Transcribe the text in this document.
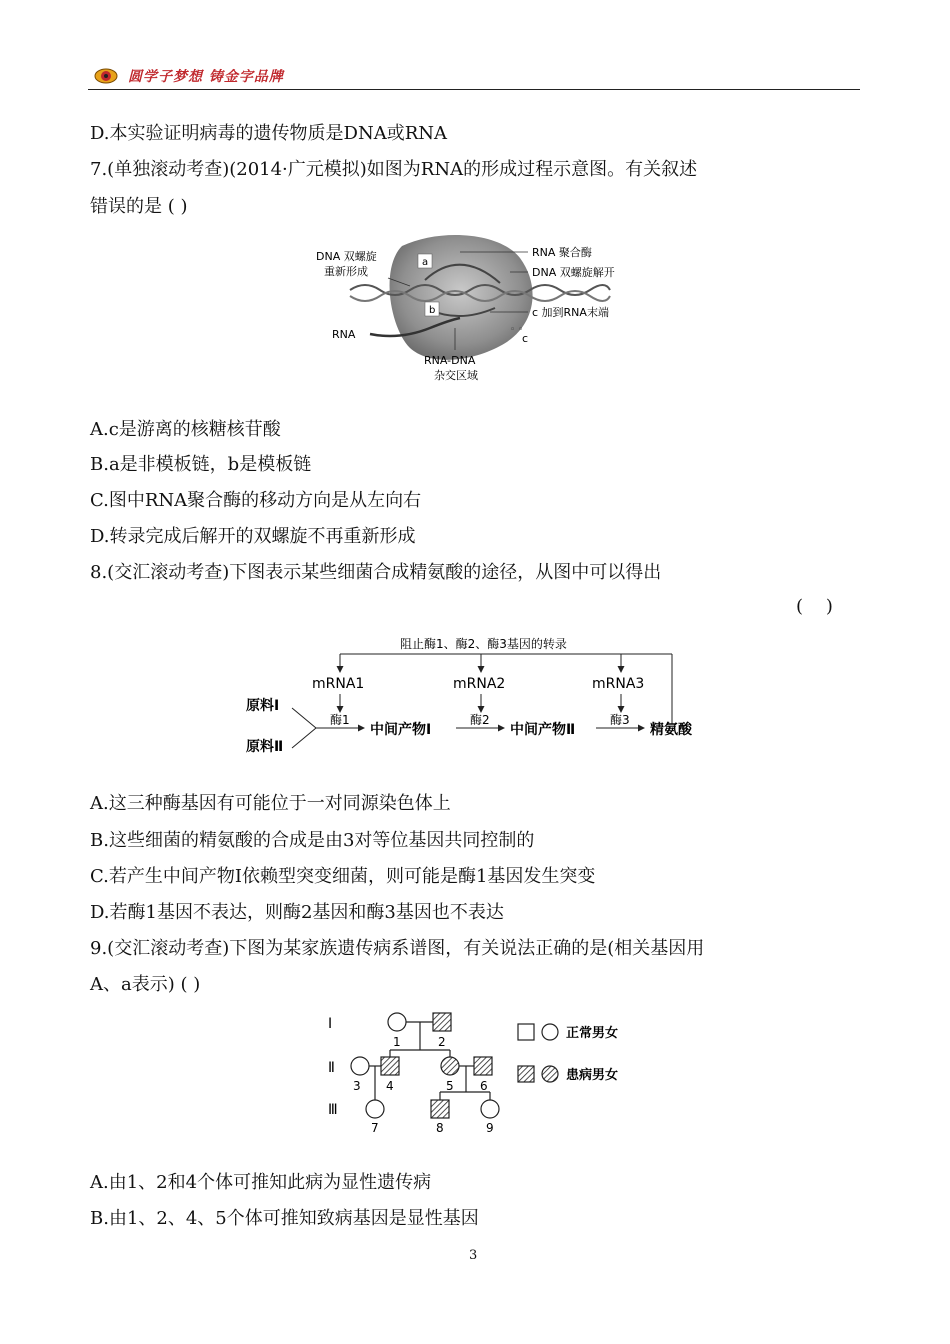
圆学子梦想 铸金字品牌
D.本实验证明病毒的遗传物质是DNA或RNA
7.(单独滚动考查)(2014·广元模拟)如图为RNA的形成过程示意图。有关叙述
错误的是 ( )
a
b
DNA 双螺旋
重新形成
RNA 聚合酶
DNA 双螺旋解开
c 加到RNA末端
◦ ◦
c
RNA
RNA-DNA
杂交区域
A.c是游离的核糖核苷酸
B.a是非模板链，b是模板链
C.图中RNA聚合酶的移动方向是从左向右
D.转录完成后解开的双螺旋不再重新形成
8.(交汇滚动考查)下图表示某些细菌合成精氨酸的途径，从图中可以得出
(    )
阻止酶1、酶2、酶3基因的转录
mRNA1	mRNA2	mRNA3
原料Ⅰ
原料Ⅱ
酶1
中间产物Ⅰ
酶2
中间产物Ⅱ
酶3
精氨酸
A.这三种酶基因有可能位于一对同源染色体上
B.这些细菌的精氨酸的合成是由3对等位基因共同控制的
C.若产生中间产物Ⅰ依赖型突变细菌，则可能是酶1基因发生突变
D.若酶1基因不表达，则酶2基因和酶3基因也不表达
9.(交汇滚动考查)下图为某家族遗传病系谱图，有关说法正确的是(相关基因用
A、a表示) ( )
Ⅰ
Ⅱ
Ⅲ
1	2
3 4	5 6
7	8	9
正常男女
患病男女
A.由1、2和4个体可推知此病为显性遗传病
B.由1、2、4、5个体可推知致病基因是显性基因
3
